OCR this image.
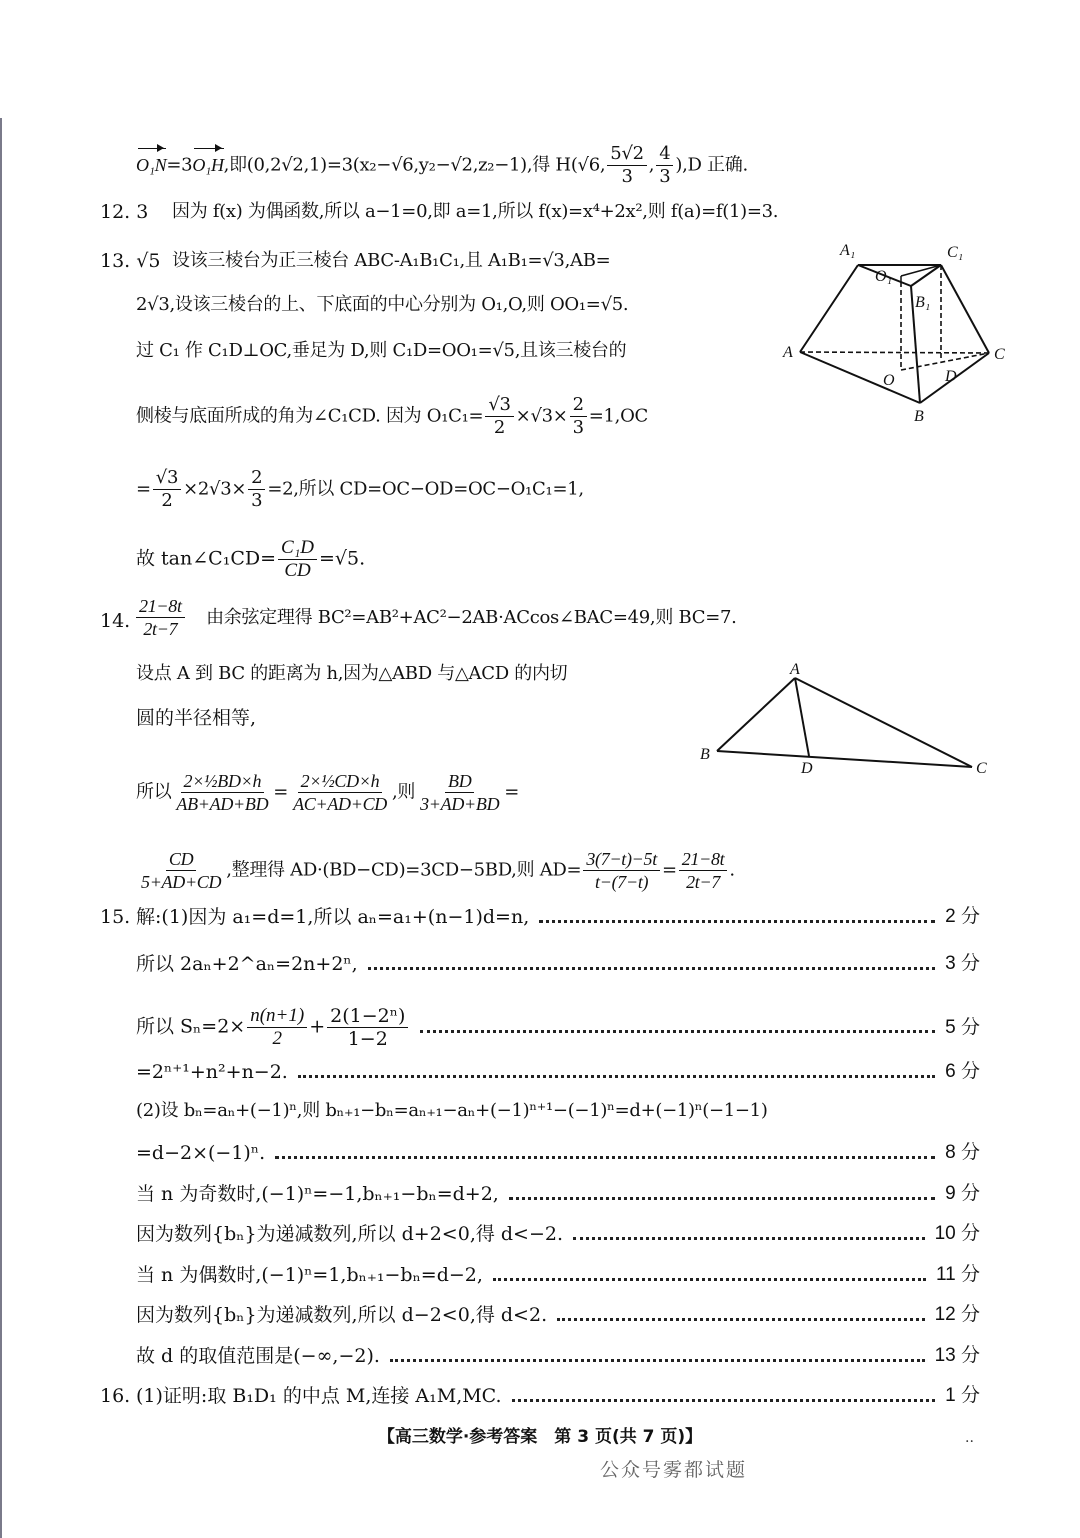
O₁N=3O₁H,即(0,2√2,1)=3(x₂−√6,y₂−√2,z₂−1),得 H(√6, $\frac{5√2}{3}$ , $\frac{4}{3} ),D$ 正确.
12. 3 因为 f(x) 为偶函数,所以 a−1=0,即 a=1,所以 f(x)=x⁴+2x²,则 f(a)=f(1)=3.
13. √5 设该三棱台为正三棱台 ABC-A₁B₁C₁,且 A₁B₁=√3,AB=
2√3,设该三棱台的上、下底面的中心分别为 O₁,O,则 OO₁=√5.
过 C₁ 作 C₁D⊥OC,垂足为 D,则 C₁D=OO₁=√5,且该三棱台的
侧棱与底面所成的角为∠C₁CD. 因为 $O_1C_1= \frac{√3}{2} \times√3\times \frac{2}{3} =1,OC$
= $\frac{√3}{2} \times 2√3\times \frac{2}{3} =2$,所以 CD=OC−OD=OC−O₁C₁=1,
故 tan∠C₁CD= $\frac{\text{C₁D}}{CD} =√5$.
A₁	C₁
O₁
B₁
A	C
O	D
B
14. $\frac{21-8t}{2t-7}$ 由余弦定理得 BC²=AB²+AC²−2AB·ACcos∠BAC=49,则 BC=7.
设点 A 到 BC 的距离为 h,因为△ABD 与△ACD 的内切
圆的半径相等,
所以 $\frac{\text{2×½BD×h}}{AB+AD+BD} = \frac{\text{2×½CD×h}}{AC+AD+CD}$ ,则 $\frac{BD}{3+AD+BD}$ =
$\frac{CD}{5+AD+CD}$ ,整理得 AD·(BD−CD)=3CD−5BD,则 $AD= \frac{3(7-t)-5t}{t-(7-t)} = \frac{21-8t}{2t-7}$ .
A
B
D	C
15. 解:(1)因为 a₁=d=1,所以 aₙ=a₁+(n−1)d=n,	2 分
所以 2aₙ+2^aₙ=2n+2ⁿ,	3 分
所以 $S_n=2\times \frac{n(n+1)}{2} + \frac{\text{2(1−2ⁿ)}}{1-2}$	5 分
=2ⁿ⁺¹+n²+n−2.	6 分
(2)设 bₙ=aₙ+(−1)ⁿ,则 bₙ₊₁−bₙ=aₙ₊₁−aₙ+(−1)ⁿ⁺¹−(−1)ⁿ=d+(−1)ⁿ(−1−1)
=d−2×(−1)ⁿ.	8 分
当 n 为奇数时,(−1)ⁿ=−1,bₙ₊₁−bₙ=d+2,	9 分
因为数列{bₙ}为递减数列,所以 d+2<0,得 d<−2.	10 分
当 n 为偶数时,(−1)ⁿ=1,bₙ₊₁−bₙ=d−2,	11 分
因为数列{bₙ}为递减数列,所以 d−2<0,得 d<2.	12 分
故 d 的取值范围是(−∞,−2).	13 分
16. (1)证明:取 B₁D₁ 的中点 M,连接 A₁M,MC.	1 分
【高三数学·参考答案　第 3 页(共 7 页)】	..
公众号雾都试题
